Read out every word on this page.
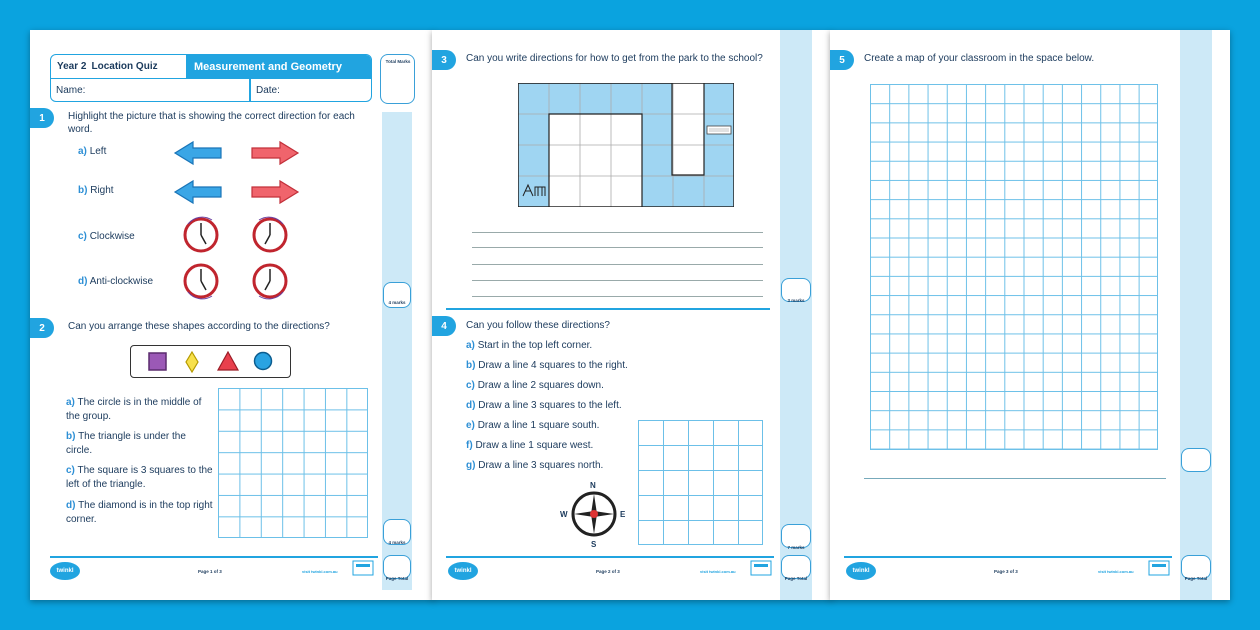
Year 2 Location Quiz	Measurement and Geometry
Name:	Date:
Total Marks
4 marks
4 marks
Page Total
1	Highlight the picture that is showing the correct direction for each word.
a) Left
b) Right
c) Clockwise
d) Anti-clockwise
2	Can you arrange these shapes according to the directions?
a) The circle is in the middle of the group.
b) The triangle is under the circle.
c) The square is 3 squares to the left of the triangle.
d) The diamond is in the top right corner.
twinkl	Page 1 of 3	visit twinkl.com.au
3 marks
7 marks
Page Total
3	Can you write directions for how to get from the park to the school?
4	Can you follow these directions?
a) Start in the top left corner.
b) Draw a line 4 squares to the right.
c) Draw a line 2 squares down.
d) Draw a line 3 squares to the left.
e) Draw a line 1 square south.
f) Draw a line 1 square west.
g) Draw a line 3 squares north.
N
S
E
W
twinkl	Page 2 of 3	visit twinkl.com.au
Page Total
5	Create a map of your classroom in the space below.
twinkl	Page 3 of 3	visit twinkl.com.au
